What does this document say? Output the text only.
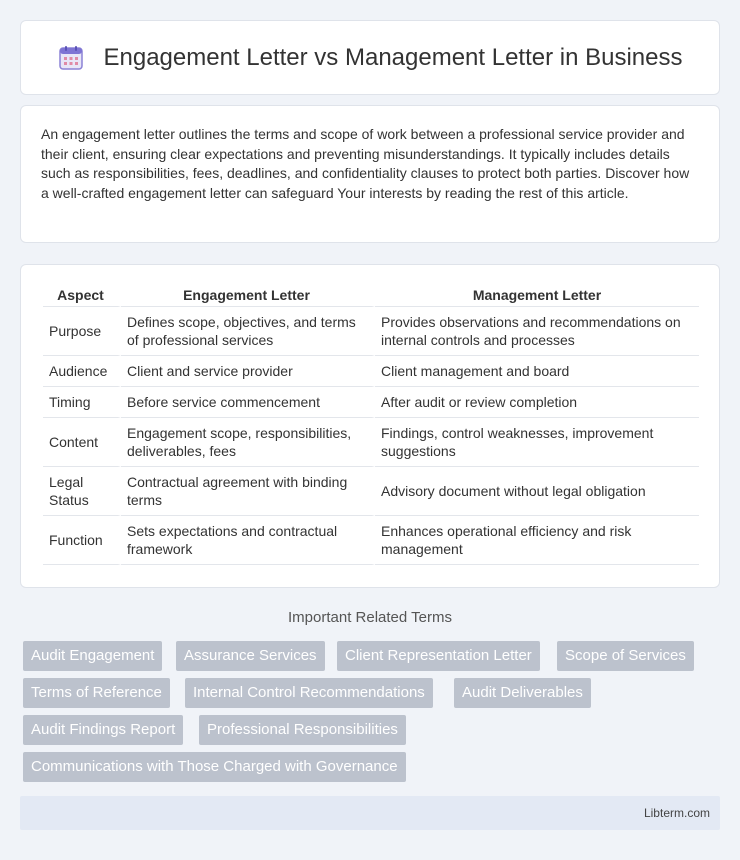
Engagement Letter vs Management Letter in Business

An engagement letter outlines the terms and scope of work between a professional service provider and their client, ensuring clear expectations and preventing misunderstandings. It typically includes details such as responsibilities, fees, deadlines, and confidentiality clauses to protect both parties. Discover how a well-crafted engagement letter can safeguard Your interests by reading the rest of this article.

Aspect	Engagement Letter	Management Letter
Purpose	Defines scope, objectives, and terms of professional services	Provides observations and recommendations on internal controls and processes
Audience	Client and service provider	Client management and board
Timing	Before service commencement	After audit or review completion
Content	Engagement scope, responsibilities, deliverables, fees	Findings, control weaknesses, improvement suggestions
Legal Status	Contractual agreement with binding terms	Advisory document without legal obligation
Function	Sets expectations and contractual framework	Enhances operational efficiency and risk management
Important Related Terms
Audit Engagement	Assurance Services	Client Representation Letter	Scope of Services
Terms of Reference	Internal Control Recommendations	Audit Deliverables
Audit Findings Report	Professional Responsibilities
Communications with Those Charged with Governance
Libterm.com
